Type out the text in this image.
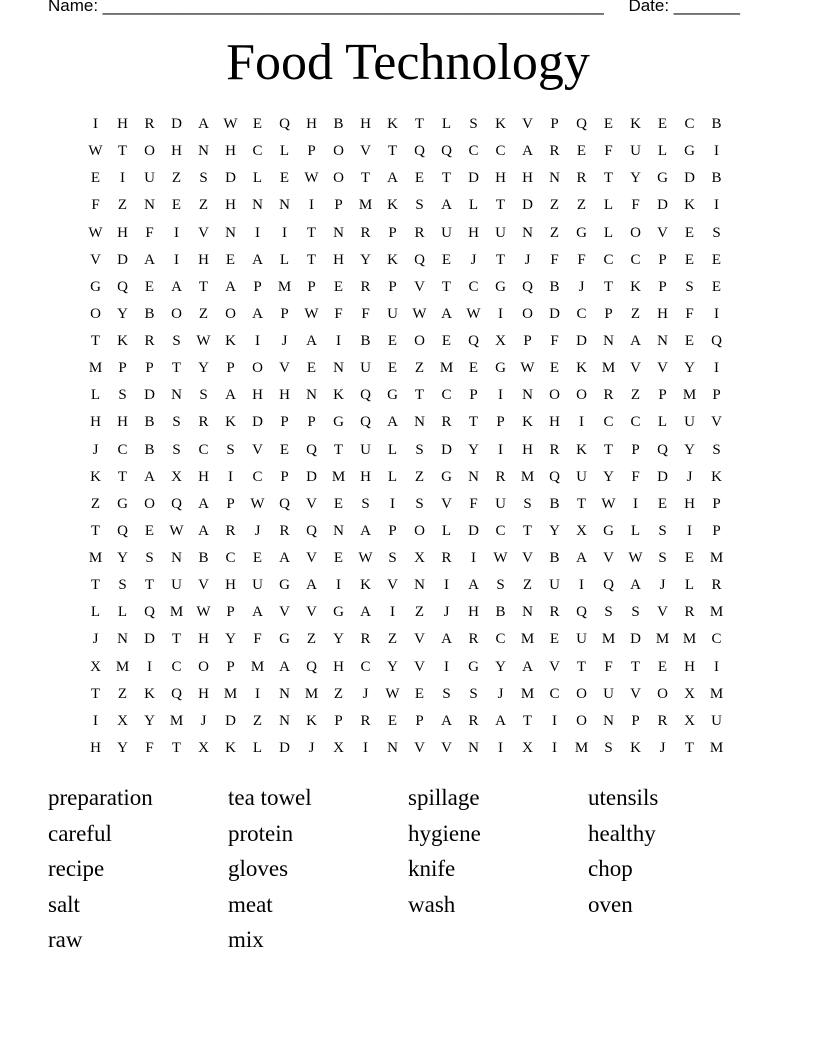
Name: _____________________________________________________ Date: _______
Food Technology
I	H	R	D	A W	E	Q	H	B	H	K	T	L	S	K	V	P	Q	E	K	E	C	B
W	T	O	H	N	H	C	L	P	O	V	T	Q	Q	C	C	A	R	E	F	U	L	G	I
E	I	U	Z	S	D	L	E	W O	T	A	E	T	D	H	H	N	R	T	Y	G	D	B
F	Z	N	E	Z	H	N	N	I	P	M K	S	A	L	T	D	Z	Z	L	F	D	K	I
W H	F	I	V	N	I	I	T	N	R	P	R	U	H	U	N	Z	G	L	O	V	E	S
V	D	A	I	H	E	A	L	T	H	Y	K	Q	E	J	T	J	F	F	C	C	P	E	E
G	Q	E	A	T	A	P	M	P	E	R	P	V	T	C	G	Q	B	J	T	K	P	S	E
O	Y	B	O	Z	O	A	P	W	F	F	U W A W	I	O	D	C	P	Z	H	F	I
T	K	R	S	W K	I	J	A	I	B	E	O	E	Q	X	P	F	D	N	A	N	E	Q
M	P	P	T	Y	P	O	V	E	N	U	E	Z	M	E	G W	E	K M V	V	Y	I
L	S	D	N	S	A	H	H	N	K	Q	G	T	C	P	I	N	O	O	R	Z	P	M	P
H	H	B	S	R	K	D	P	P	G	Q	A	N	R	T	P	K	H	I	C	C	L	U	V
J	C	B	S	C	S	V	E	Q	T	U	L	S	D	Y	I	H	R	K	T	P	Q	Y	S
K	T	A	X	H	I	C	P	D M H	L	Z	G	N	R	M Q	U	Y	F	D	J	K
Z	G	O	Q	A	P	W Q	V	E	S	I	S	V	F	U	S	B	T	W	I	E	H	P
T	Q	E	W A	R	J	R	Q	N	A	P	O	L	D	C	T	Y	X	G	L	S	I	P
M Y	S	N	B	C	E	A	V	E	W	S	X	R	I	W V	B	A	V W	S	E	M
T	S	T	U	V	H	U	G	A	I	K	V	N	I	A	S	Z	U	I	Q	A	J	L	R
L	L	Q M W	P	A	V	V	G	A	I	Z	J	H	B	N	R	Q	S	S	V	R	M
J	N	D	T	H	Y	F	G	Z	Y	R	Z	V	A	R	C	M	E	U M D M M	C
X M	I	C	O	P	M A	Q	H	C	Y	V	I	G	Y	A	V	T	F	T	E	H	I
T	Z	K	Q	H M	I	N M	Z	J	W	E	S	S	J	M	C	O	U	V	O	X M
I	X	Y M	J	D	Z	N	K	P	R	E	P	A	R	A	T	I	O	N	P	R	X	U
H	Y	F	T	X	K	L	D	J	X	I	N	V	V	N	I	X	I	M	S	K	J	T	M
preparation	tea towel	spillage	utensils
careful	protein	hygiene	healthy
recipe	gloves	knife	chop
salt	meat	wash	oven
raw	mix
